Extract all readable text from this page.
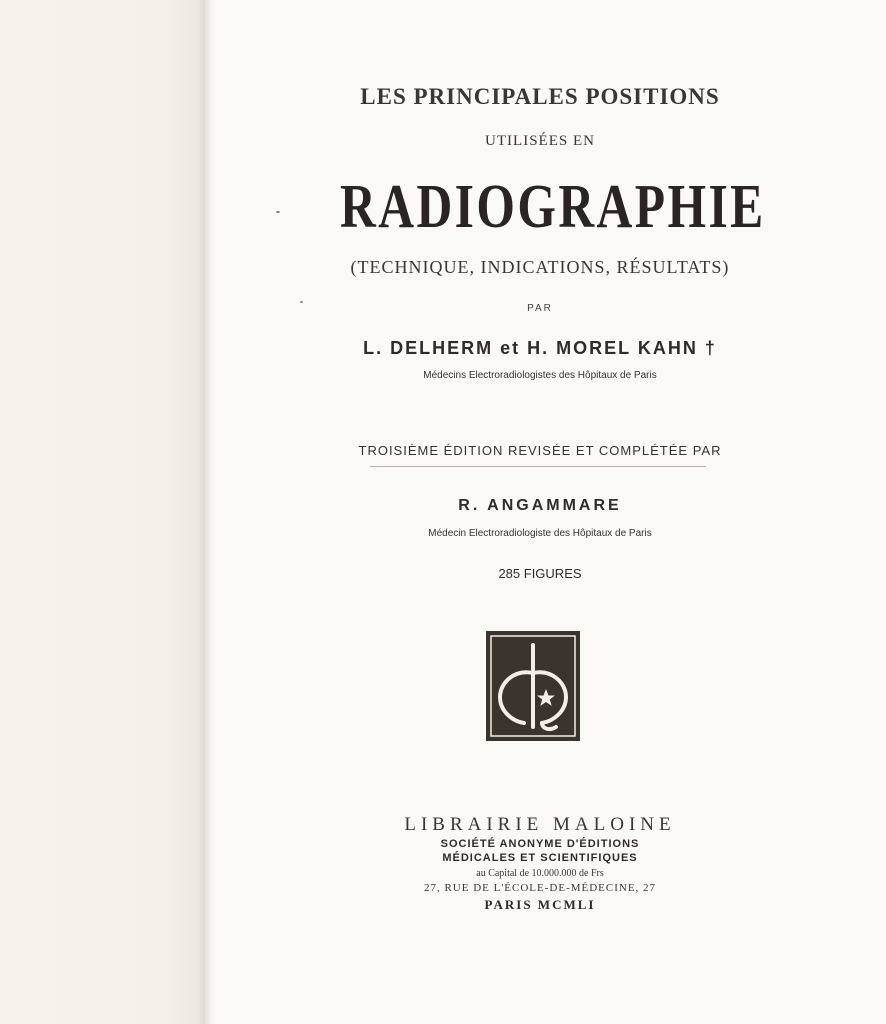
LES PRINCIPALES POSITIONS
UTILISÉES EN
RADIOGRAPHIE
(TECHNIQUE, INDICATIONS, RÉSULTATS)
PAR
L. DELHERM et H. MOREL KAHN †
Médecins Electroradiologistes des Hôpitaux de Paris
TROISIÈME ÉDITION REVISÉE ET COMPLÉTÉE PAR
R. ANGAMMARE
Médecin Electroradiologiste des Hôpitaux de Paris
285 FIGURES
LIBRAIRIE MALOINE
SOCIÉTÉ ANONYME D'ÉDITIONS
MÉDICALES ET SCIENTIFIQUES
au Capital de 10.000.000 de Frs
27, RUE DE L'ÉCOLE-DE-MÉDECINE, 27
PARIS MCMLI
